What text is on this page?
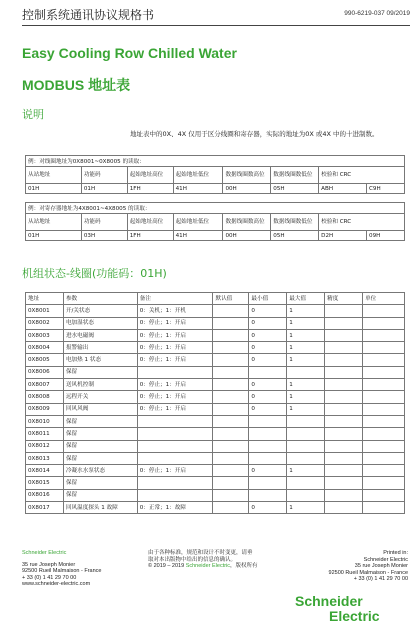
控制系统通讯协议规格书	990-6219-037 09/2019
Easy Cooling Row Chilled Water
MODBUS 地址表
说明
地址表中的0X、4X 仅用于区分线圈和寄存器，实际的地址为0X 或4X 中的十进制数。
例：对线圈地址为0X8001~0X8005 的读取：							
从站地址	功能码	起始地址高位	起始地址低位	数据线圈数高位	数据线圈数低位	校验和 CRC	
01H	01H	1FH	41H	00H	05H	ABH	C9H
例：对寄存器地址为4X8001~4X8005 的读取：							
从站地址	功能码	起始地址高位	起始地址低位	数据线圈数高位	数据线圈数低位	校验和 CRC	
01H	03H	1FH	41H	00H	05H	D2H	09H
机组状态-线圈(功能码：01H)
地址	参数	备注	默认值	最小值	最大值	精度	单位
0X8001	开/关状态	0：关机；1：开机		0	1		
0X8002	电加湿状态	0：停止；1：开启		0	1		
0X8003	进水电磁阀	0：停止；1：开启		0	1		
0X8004	报警输出	0：停止；1：开启		0	1		
0X8005	电加热 1 状态	0：停止；1：开启		0	1		
0X8006	保留						
0X8007	送风机控制	0：停止；1：开启		0	1		
0X8008	远程开关	0：停止；1：开启		0	1		
0X8009	回风风阀	0：停止；1：开启		0	1		
0X8010	保留						
0X8011	保留						
0X8012	保留						
0X8013	保留						
0X8014	冷凝水水泵状态	0：停止；1：开启		0	1		
0X8015	保留						
0X8016	保留						
0X8017	回风温度探头 1 故障	0：正常；1：故障		0	1		
Schneider Electric
35 rue Joseph Monier
92500 Rueil Malmaison - France
+ 33 (0) 1 41 29 70 00
www.schneider-electric.com
由于各种标准，规范和设计不时变更，请垂
取对本出版物中给出的信息的确认。
© 2019 – 2019 Schneider Electric，版权所有
Printed in:
Schneider Electric
35 rue Joseph Monier
92500 Rueil Malmaison - France
+ 33 (0) 1 41 29 70 00
Schneider
Electric
